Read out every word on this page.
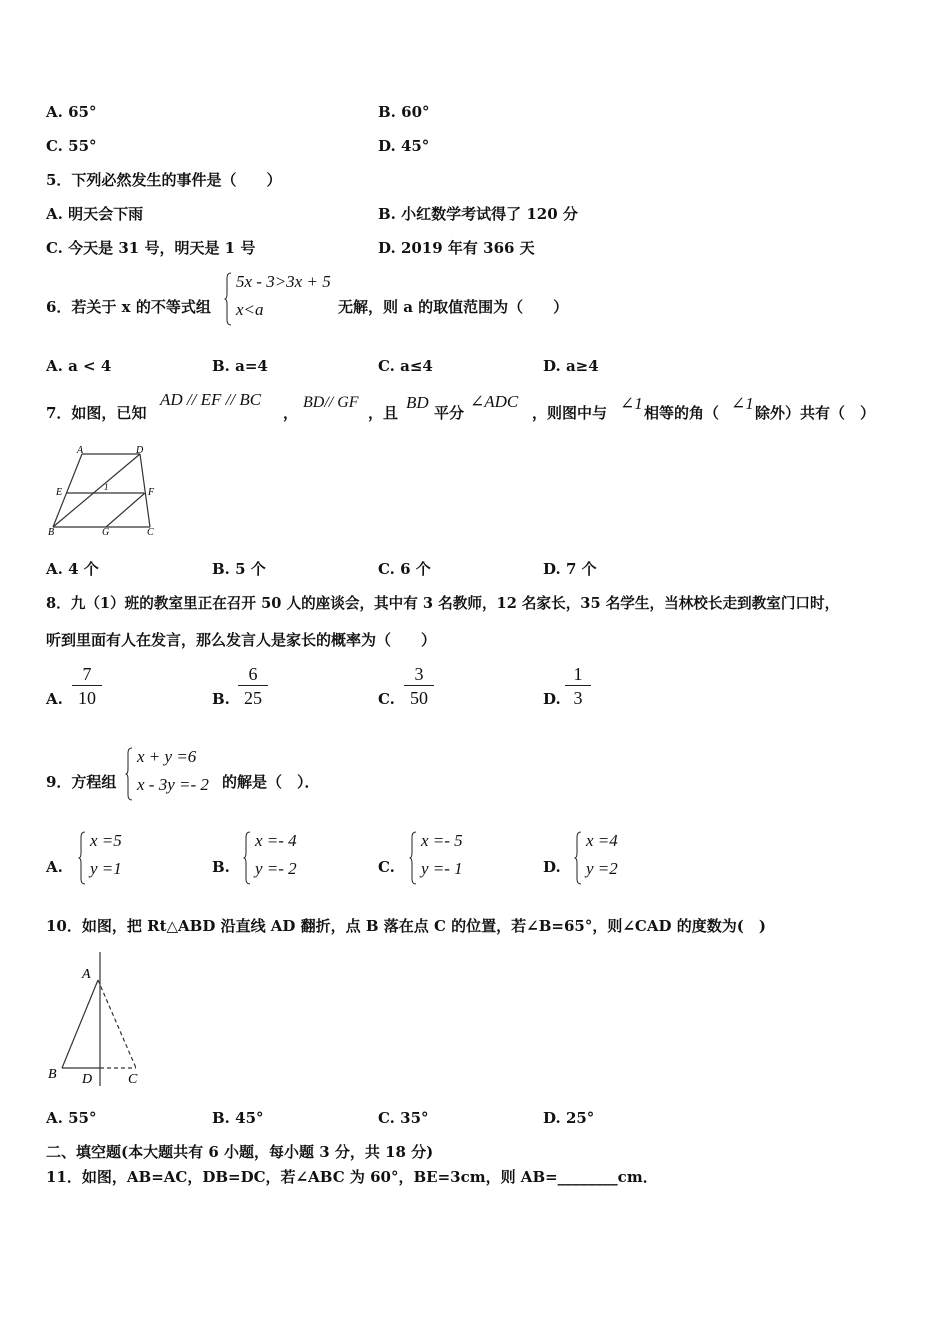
A. 65°	B. 60°
C. 55°	D. 45°
5．下列必然发生的事件是（　　）
A. 明天会下雨	B. 小红数学考试得了 120 分
C. 今天是 31 号，明天是 1 号	D. 2019 年有 366 天
6．若关于 x 的不等式组
5x - 3>3x + 5
x<a	无解，则 a 的取值范围为（　　）
A. a < 4	B. a=4	C. a≤4	D. a≥4
7．如图，已知
AD // EF // BC
，
BD// GF
，且
BD
平分
∠ADC
，则图中与 ∠1 相等的角（ ∠1 除外）共有（　）
A	D
E	F
1
B	G	C
A. 4 个	B. 5 个	C. 6 个	D. 7 个
8．九（1）班的教室里正在召开 50 人的座谈会，其中有 3 名教师，12 名家长，35 名学生，当林校长走到教室门口时，
听到里面有人在发言，那么发言人是家长的概率为（　　）
A. $\frac{7}{10}$	B. $\frac{6}{25}$	C. $\frac{3}{50}$	D. $\frac{1}{3}$
9．方程组
x + y =6
x - 3y =- 2 的解是（　）．
A.
x =5
y =1	B.
x =- 4
y =- 2	C.
x =- 5
y =- 1	D.
x =4
y =2
10．如图，把 Rt△ABD 沿直线 AD 翻折，点 B 落在点 C 的位置，若∠B=65°，则∠CAD 的度数为(　)
A
B D	C
A. 55°	B. 45°	C. 35°	D. 25°
二、填空题(本大题共有 6 小题，每小题 3 分，共 18 分)
11．如图，AB=AC，DB=DC，若∠ABC 为 60°，BE=3cm，则 AB=________cm．
